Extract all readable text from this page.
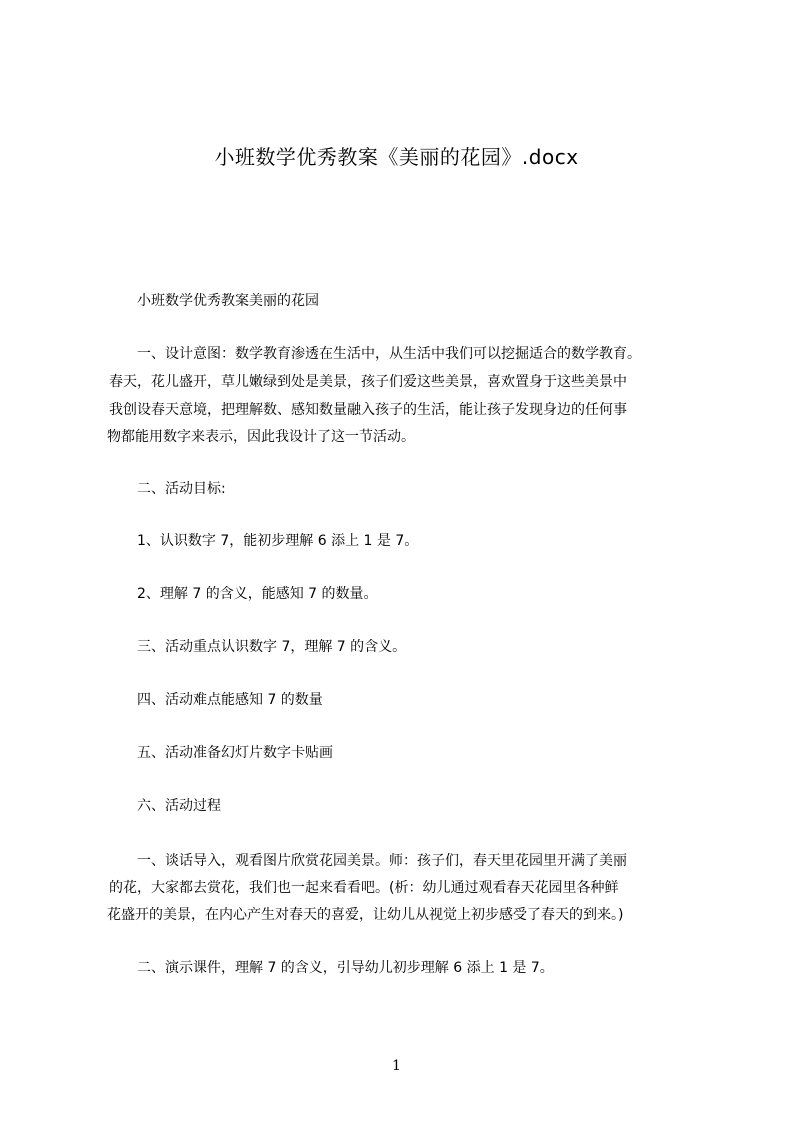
小班数学优秀教案《美丽的花园》.docx
小班数学优秀教案美丽的花园
一、设计意图：数学教育渗透在生活中，从生活中我们可以挖掘适合的数学教育。
春天，花儿盛开，草儿嫩绿到处是美景，孩子们爱这些美景，喜欢置身于这些美景中
我创设春天意境，把理解数、感知数量融入孩子的生活，能让孩子发现身边的任何事
物都能用数字来表示，因此我设计了这一节活动。
二、活动目标:
1、认识数字 7，能初步理解 6 添上 1 是 7。
2、理解 7 的含义，能感知 7 的数量。
三、活动重点认识数字 7，理解 7 的含义。
四、活动难点能感知 7 的数量
五、活动准备幻灯片数字卡贴画
六、活动过程
一、谈话导入，观看图片欣赏花园美景。师：孩子们，春天里花园里开满了美丽
的花，大家都去赏花，我们也一起来看看吧。(析：幼儿通过观看春天花园里各种鲜
花盛开的美景，在内心产生对春天的喜爱，让幼儿从视觉上初步感受了春天的到来。)
二、演示课件，理解 7 的含义，引导幼儿初步理解 6 添上 1 是 7。
1
